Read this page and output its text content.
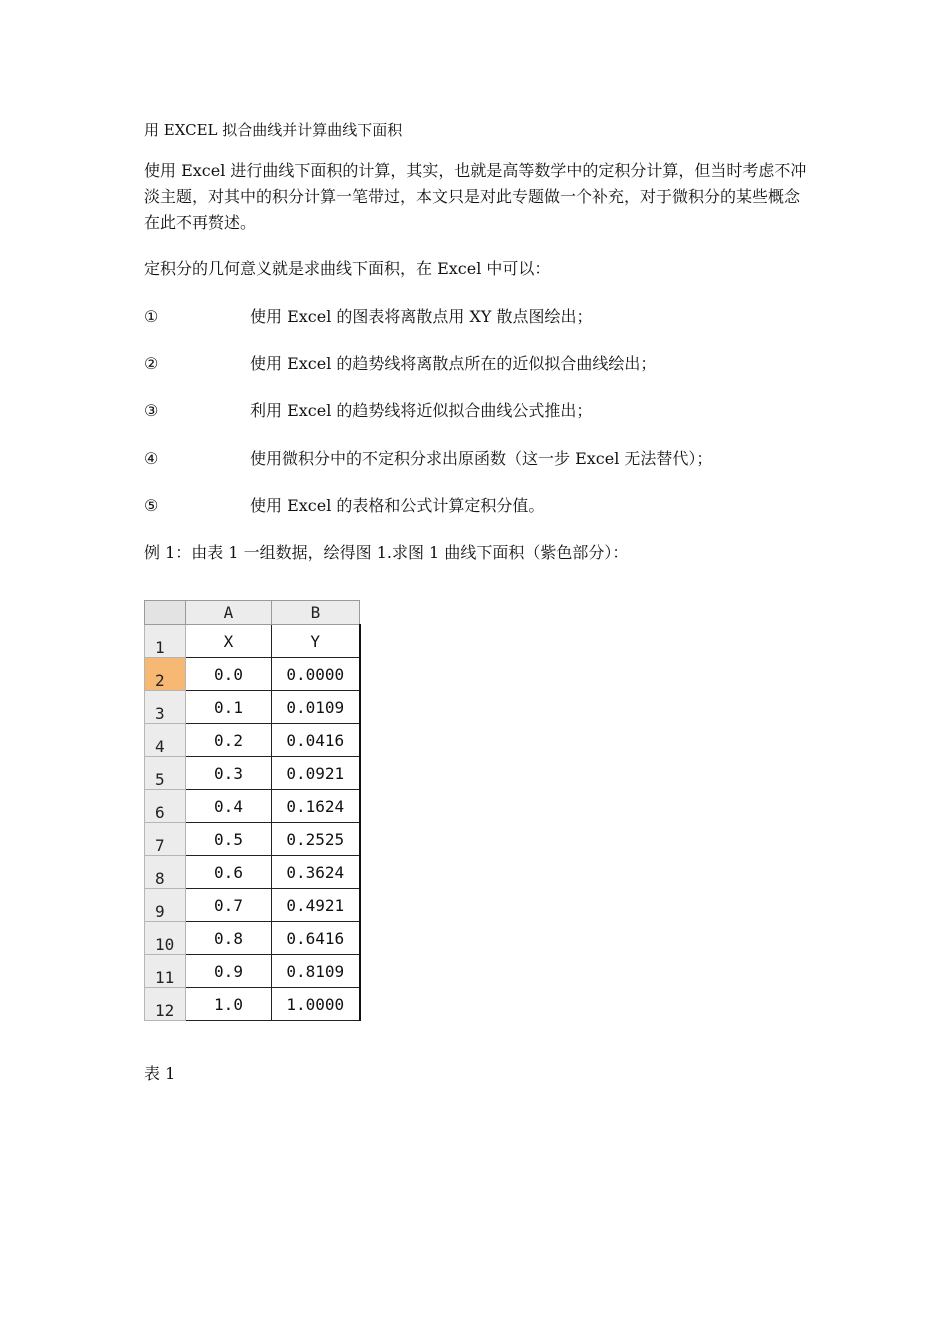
用 EXCEL 拟合曲线并计算曲线下面积

使用 Excel 进行曲线下面积的计算，其实，也就是高等数学中的定积分计算，但当时考虑不冲淡主题，对其中的积分计算一笔带过，本文只是对此专题做一个补充，对于微积分的某些概念在此不再赘述。

定积分的几何意义就是求曲线下面积，在 Excel 中可以：

①	使用 Excel 的图表将离散点用 XY 散点图绘出；
②	使用 Excel 的趋势线将离散点所在的近似拟合曲线绘出；
③	利用 Excel 的趋势线将近似拟合曲线公式推出；
④	使用微积分中的不定积分求出原函数（这一步 Excel 无法替代）；
⑤	使用 Excel 的表格和公式计算定积分值。

例 1：由表 1 一组数据，绘得图 1.求图 1 曲线下面积（紫色部分）：

	A	B
1	X	Y
2	0.0	0.0000
3	0.1	0.0109
4	0.2	0.0416
5	0.3	0.0921
6	0.4	0.1624
7	0.5	0.2525
8	0.6	0.3624
9	0.7	0.4921
10	0.8	0.6416
11	0.9	0.8109
12	1.0	1.0000
表 1
